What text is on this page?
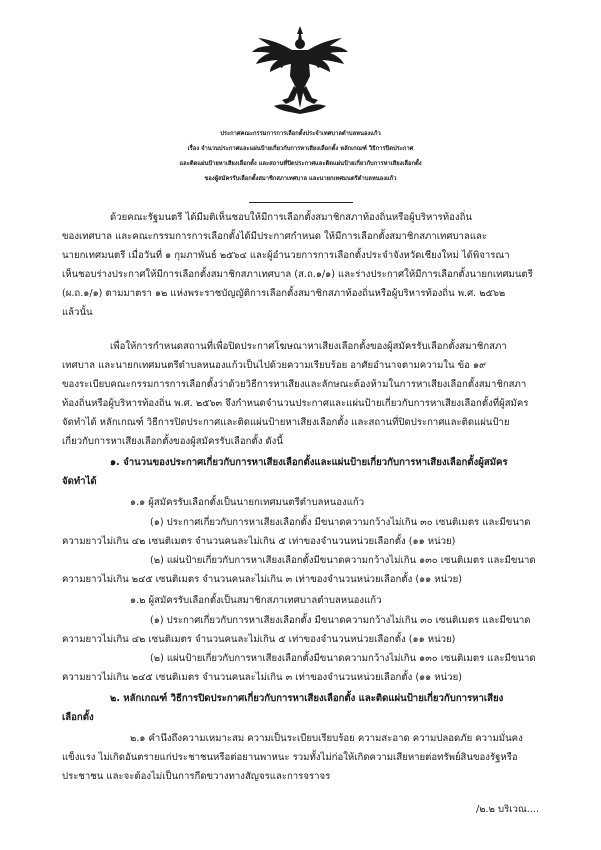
ประกาศคณะกรรมการการเลือกตั้งประจำเทศบาลตำบลหนองแก้ว
เรื่อง จำนวนประกาศและแผ่นป้ายเกี่ยวกับการหาเสียงเลือกตั้ง หลักเกณฑ์ วิธีการปิดประกาศ
และติดแผ่นป้ายหาเสียงเลือกตั้ง และสถานที่ปิดประกาศและติดแผ่นป้ายเกี่ยวกับการหาเสียงเลือกตั้ง
ของผู้สมัครรับเลือกตั้งสมาชิกสภาเทศบาล และนายกเทศมนตรีตำบลหนองแก้ว
ด้วยคณะรัฐมนตรี ได้มีมติเห็นชอบให้มีการเลือกตั้งสมาชิกสภาท้องถิ่นหรือผู้บริหารท้องถิ่น
ของเทศบาล และคณะกรรมการการเลือกตั้งได้มีประกาศกำหนด ให้มีการเลือกตั้งสมาชิกสภาเทศบาลและ
นายกเทศมนตรี เมื่อวันที่ ๑ กุมภาพันธ์ ๒๕๖๔ และผู้อำนวยการการเลือกตั้งประจำจังหวัดเชียงใหม่ ได้พิจารณา
เห็นชอบร่างประกาศให้มีการเลือกตั้งสมาชิกสภาเทศบาล (ส.ถ.๑/๑) และร่างประกาศให้มีการเลือกตั้งนายกเทศมนตรี
(ผ.ถ.๑/๑) ตามมาตรา ๑๒ แห่งพระราชบัญญัติการเลือกตั้งสมาชิกสภาท้องถิ่นหรือผู้บริหารท้องถิ่น พ.ศ. ๒๕๖๒
แล้วนั้น
เพื่อให้การกำหนดสถานที่เพื่อปิดประกาศโฆษณาหาเสียงเลือกตั้งของผู้สมัครรับเลือกตั้งสมาชิกสภา
เทศบาล และนายกเทศมนตรีตำบลหนองแก้วเป็นไปด้วยความเรียบร้อย อาศัยอำนาจตามความใน ข้อ ๑๙
ของระเบียบคณะกรรมการการเลือกตั้งว่าด้วยวิธีการหาเสียงและลักษณะต้องห้ามในการหาเสียงเลือกตั้งสมาชิกสภา
ท้องถิ่นหรือผู้บริหารท้องถิ่น พ.ศ. ๒๕๖๓ จึงกำหนดจำนวนประกาศและแผ่นป้ายเกี่ยวกับการหาเสียงเลือกตั้งที่ผู้สมัคร
จัดทำได้ หลักเกณฑ์ วิธีการปิดประกาศและติดแผ่นป้ายหาเสียงเลือกตั้ง และสถานที่ปิดประกาศและติดแผ่นป้าย
เกี่ยวกับการหาเสียงเลือกตั้งของผู้สมัครรับเลือกตั้ง ดังนี้
๑. จำนวนของประกาศเกี่ยวกับการหาเสียงเลือกตั้งและแผ่นป้ายเกี่ยวกับการหาเสียงเลือกตั้งผู้สมัคร
จัดทำได้
๑.๑ ผู้สมัครรับเลือกตั้งเป็นนายกเทศมนตรีตำบลหนองแก้ว
(๑) ประกาศเกี่ยวกับการหาเสียงเลือกตั้ง มีขนาดความกว้างไม่เกิน ๓๐ เซนติเมตร และมีขนาด
ความยาวไม่เกิน ๔๒ เซนติเมตร จำนวนคนละไม่เกิน ๕ เท่าของจำนวนหน่วยเลือกตั้ง (๑๑ หน่วย)
(๒) แผ่นป้ายเกี่ยวกับการหาเสียงเลือกตั้งมีขนาดความกว้างไม่เกิน ๑๓๐ เซนติเมตร และมีขนาด
ความยาวไม่เกิน ๒๔๕ เซนติเมตร จำนวนคนละไม่เกิน ๓ เท่าของจำนวนหน่วยเลือกตั้ง (๑๑ หน่วย)
๑.๒ ผู้สมัครรับเลือกตั้งเป็นสมาชิกสภาเทศบาลตำบลหนองแก้ว
(๑) ประกาศเกี่ยวกับการหาเสียงเลือกตั้ง มีขนาดความกว้างไม่เกิน ๓๐ เซนติเมตร และมีขนาด
ความยาวไม่เกิน ๔๒ เซนติเมตร จำนวนคนละไม่เกิน ๕ เท่าของจำนวนหน่วยเลือกตั้ง (๑๑ หน่วย)
(๒) แผ่นป้ายเกี่ยวกับการหาเสียงเลือกตั้งมีขนาดความกว้างไม่เกิน ๑๓๐ เซนติเมตร และมีขนาด
ความยาวไม่เกิน ๒๔๕ เซนติเมตร จำนวนคนละไม่เกิน ๓ เท่าของจำนวนหน่วยเลือกตั้ง (๑๑ หน่วย)
๒. หลักเกณฑ์ วิธีการปิดประกาศเกี่ยวกับการหาเสียงเลือกตั้ง และติดแผ่นป้ายเกี่ยวกับการหาเสียง
เลือกตั้ง
๒.๑ คำนึงถึงความเหมาะสม ความเป็นระเบียบเรียบร้อย ความสะอาด ความปลอดภัย ความมั่นคง
แข็งแรง ไม่เกิดอันตรายแก่ประชาชนหรือต่อยานพาหนะ รวมทั้งไม่ก่อให้เกิดความเสียหายต่อทรัพย์สินของรัฐหรือ
ประชาชน และจะต้องไม่เป็นการกีดขวางทางสัญจรและการจราจร
/๒.๒ บริเวณ....
